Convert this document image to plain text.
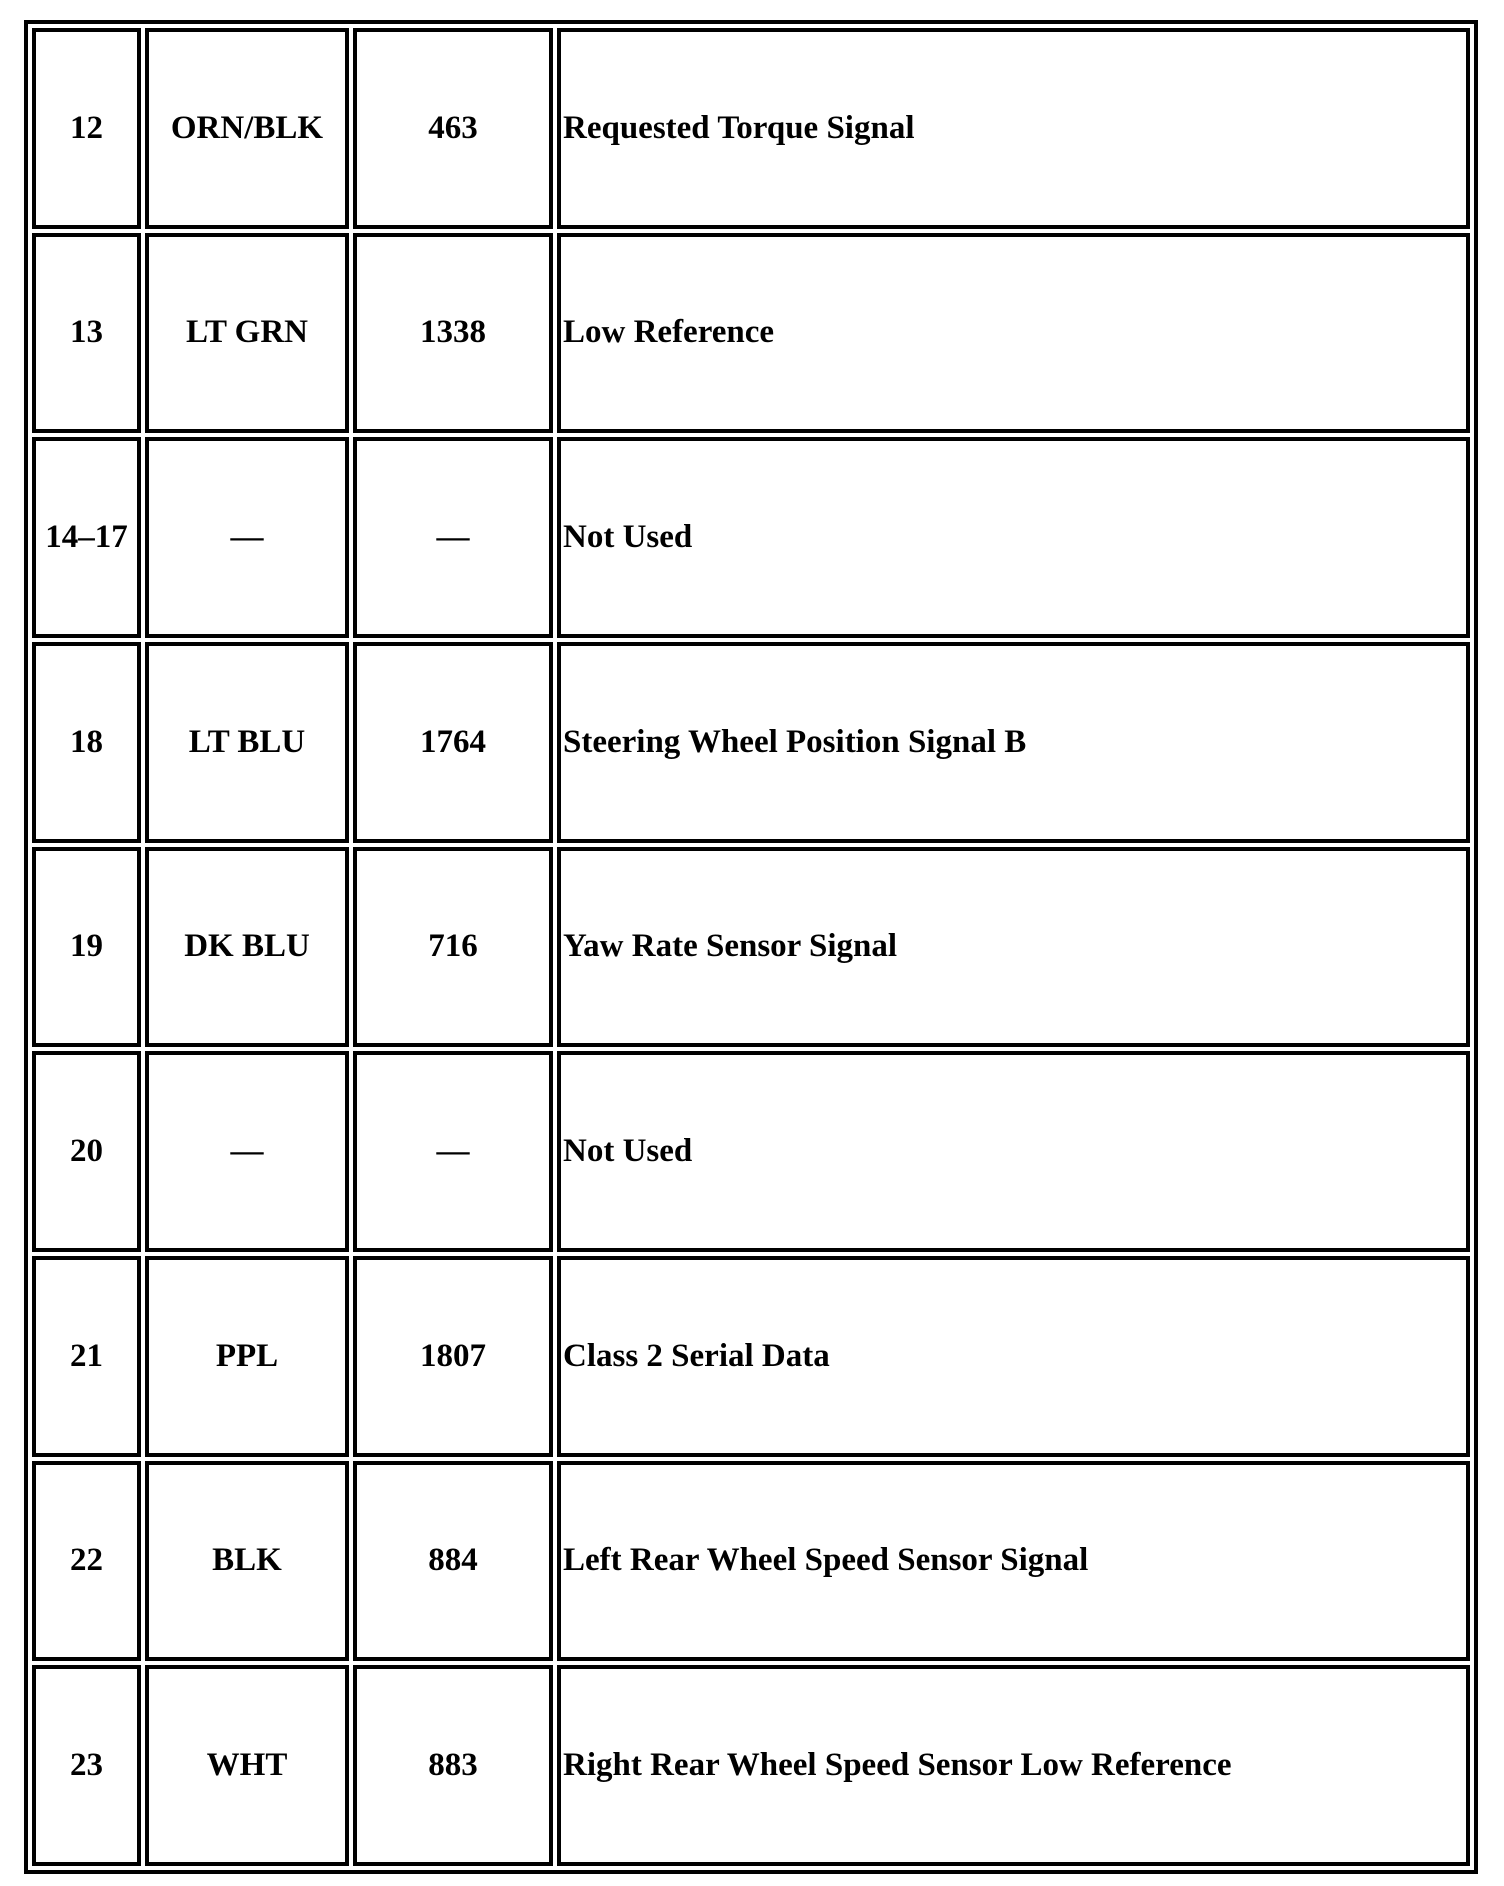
12	ORN/BLK	463	Requested Torque Signal
13	LT GRN	1338	Low Reference
14–17	—	—	Not Used
18	LT BLU	1764	Steering Wheel Position Signal B
19	DK BLU	716	Yaw Rate Sensor Signal
20	—	—	Not Used
21	PPL	1807	Class 2 Serial Data
22	BLK	884	Left Rear Wheel Speed Sensor Signal
23	WHT	883	Right Rear Wheel Speed Sensor Low Reference
